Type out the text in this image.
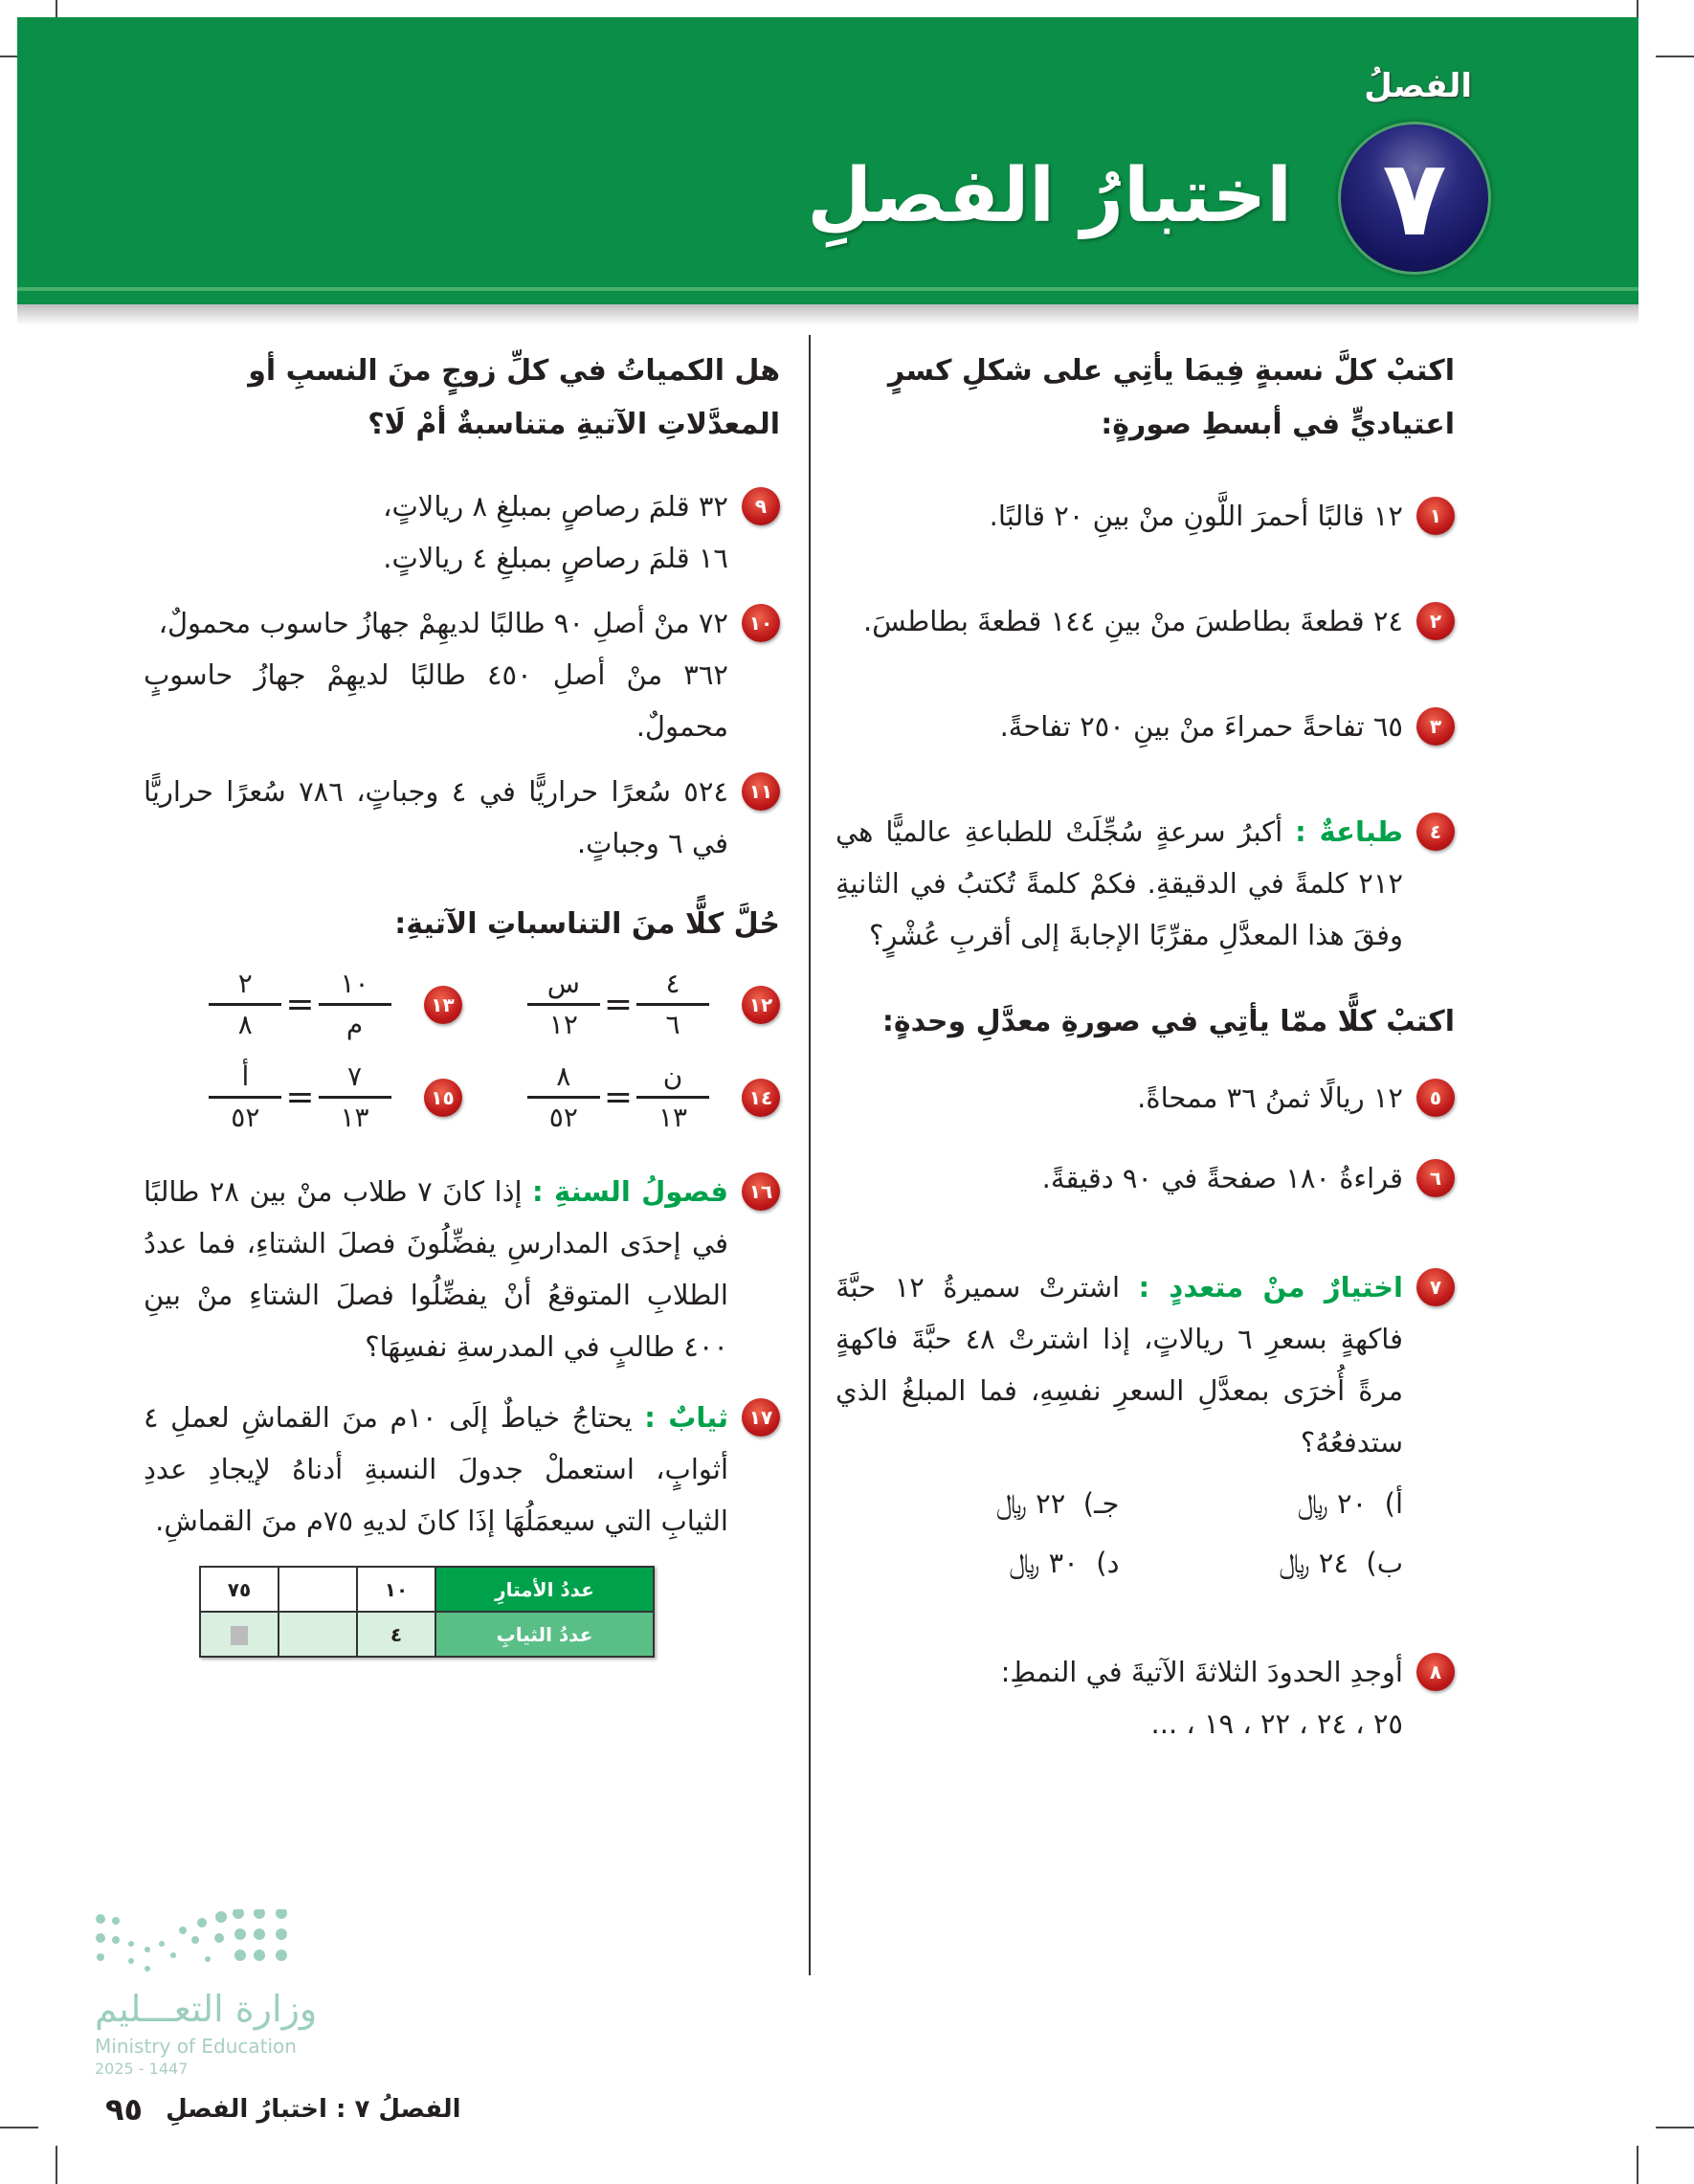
الفصلُ
٧
اختبارُ الفصلِ
اكتبْ كلَّ نسبةٍ فِيمَا يأتِي على شكلِ كسرٍ اعتياديٍّ في أبسطِ صورةٍ:
١
١٢ قالبًا أحمرَ اللَّونِ منْ بينِ ٢٠ قالبًا.
٢
٢٤ قطعةَ بطاطسَ منْ بينِ ١٤٤ قطعةَ بطاطسَ.
٣
٦٥ تفاحةً حمراءَ منْ بينِ ٢٥٠ تفاحةً.
٤
طباعةٌ : أكبرُ سرعةٍ سُجِّلَتْ للطباعةِ عالميًّا هي ٢١٢ كلمةً في الدقيقةِ. فكمْ كلمةً تُكتبُ في الثانيةِ وفقَ هذا المعدَّلِ مقرِّبًا الإجابةَ إلى أقربِ عُشْرٍ؟
اكتبْ كلًّا ممّا يأتِي في صورةِ معدَّلِ وحدةٍ:
٥
١٢ ريالًا ثمنُ ٣٦ ممحاةً.
٦
قراءةُ ١٨٠ صفحةً في ٩٠ دقيقةً.
٧
اختيارٌ منْ متعددٍ : اشترتْ سميرةُ ١٢ حبَّةَ فاكهةٍ بسعرِ ٦ ريالاتٍ، إذا اشترتْ ٤٨ حبَّةَ فاكهةٍ مرةً أُخرَى بمعدَّلِ السعرِ نفسِهِ، فما المبلغُ الذي ستدفعُهُ؟
أ)  ٢٠ ﷼
جـ)  ٢٢ ﷼
ب)  ٢٤ ﷼
د)  ٣٠ ﷼
٨
أوجدِ الحدودَ الثلاثةَ الآتيةَ في النمطِ:
٢٥ ، ٢٤ ، ٢٢ ، ١٩ ، ...
هل الكمياتُ في كلِّ زوجٍ منَ النسبِ أو المعدَّلاتِ الآتيةِ متناسبةٌ أمْ لَا؟
٩
٣٢ قلمَ رصاصٍ بمبلغِ ٨ ريالاتٍ،
١٦ قلمَ رصاصٍ بمبلغِ ٤ ريالاتٍ.
١٠
٧٢ منْ أصلِ ٩٠ طالبًا لديهِمْ جهازُ حاسوب محمولٌ،
٣٦٢ منْ أصلِ ٤٥٠ طالبًا لديهِمْ جهازُ حاسوبٍ محمولٌ.
١١
٥٢٤ سُعرًا حراريًّا في ٤ وجباتٍ، ٧٨٦ سُعرًا حراريًّا في ٦ وجباتٍ.
حُلَّ كلًّا منَ التناسباتِ الآتيةِ:
١٢
$\frac{\text{س}}{١٢} = \frac{٤}{٦}$
١٣
$\frac{٢}{٨} = \frac{١٠}{\text{م}}$
١٤
$\frac{٨}{٥٢} = \frac{\text{ن}}{١٣}$
١٥
$\frac{\text{أ}}{٥٢} = \frac{٧}{١٣}$
١٦
فصولُ السنةِ : إذا كانَ ٧ طلاب منْ بين ٢٨ طالبًا في إحدَى المدارسِ يفضِّلُونَ فصلَ الشتاءِ، فما عددُ الطلابِ المتوقعُ أنْ يفضِّلُوا فصلَ الشتاءِ منْ بينِ ٤٠٠ طالبٍ في المدرسةِ نفسِهَا؟
١٧
ثيابٌ : يحتاجُ خياطٌ إلَى ١٠م منَ القماشِ لعملِ ٤ أثوابٍ، استعملْ جدولَ النسبةِ أدناهُ لإيجادِ عددِ الثيابِ التي سيعمَلُهَا إذَا كانَ لديهِ ٧٥م منَ القماشِ.
عددُ الأمتارِ	١٠		٧٥
عددُ الثيابِ	٤		
وزارة التعـــليم
Ministry of Education
2025 - 1447
٩٥ الفصلُ ٧ : اختبارُ الفصلِ
